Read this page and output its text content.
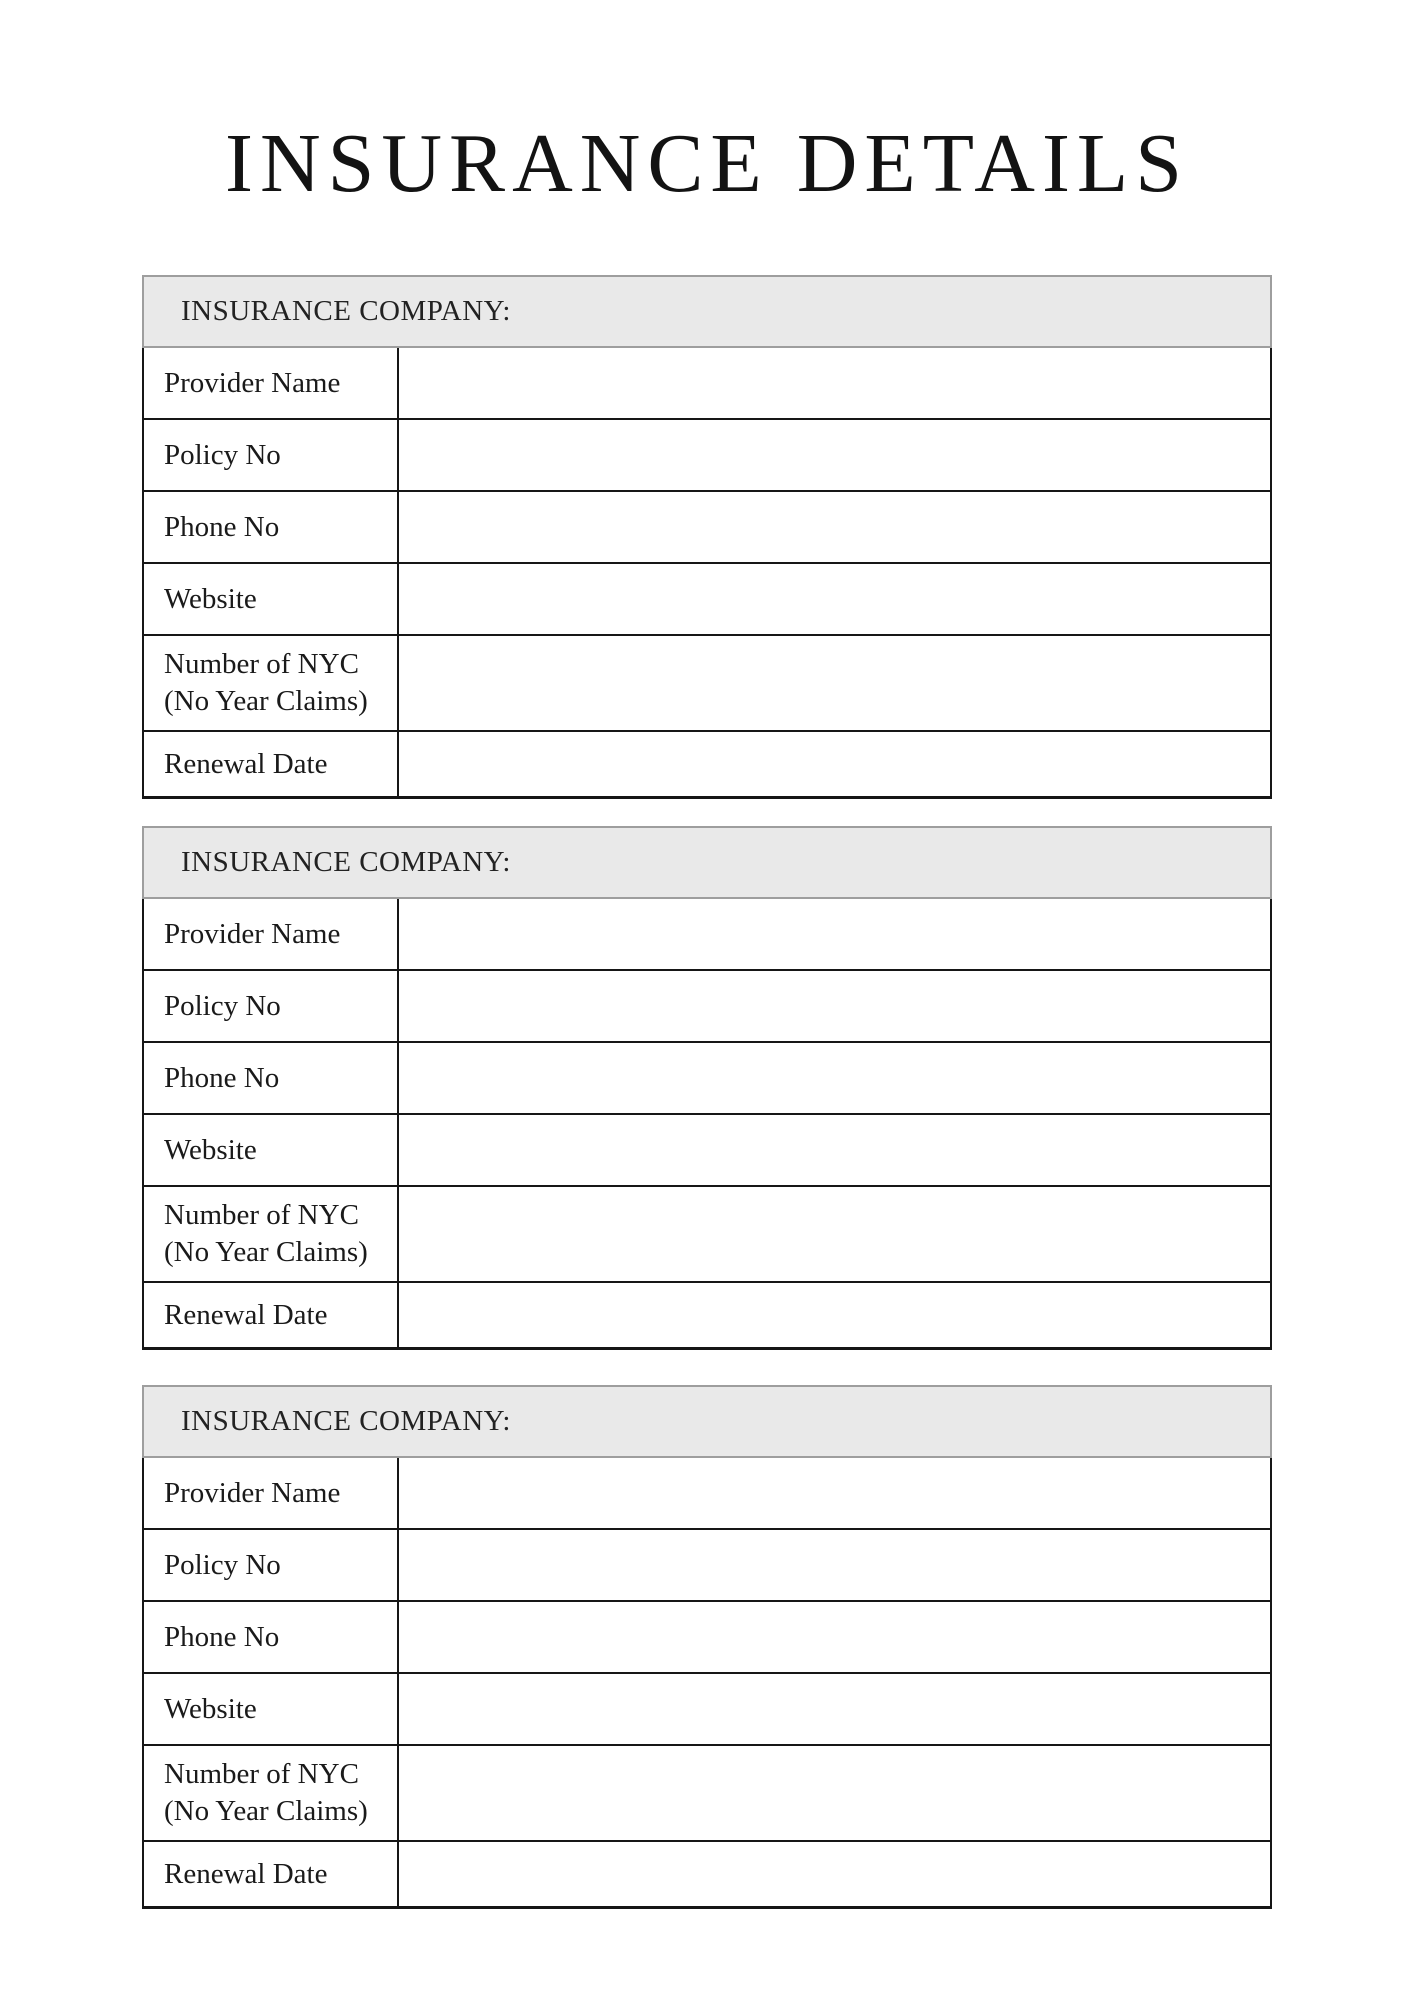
INSURANCE DETAILS
INSURANCE COMPANY:
Provider Name
Policy No
Phone No
Website
Number of NYC
(No Year Claims)
Renewal Date
INSURANCE COMPANY:
Provider Name
Policy No
Phone No
Website
Number of NYC
(No Year Claims)
Renewal Date
INSURANCE COMPANY:
Provider Name
Policy No
Phone No
Website
Number of NYC
(No Year Claims)
Renewal Date
